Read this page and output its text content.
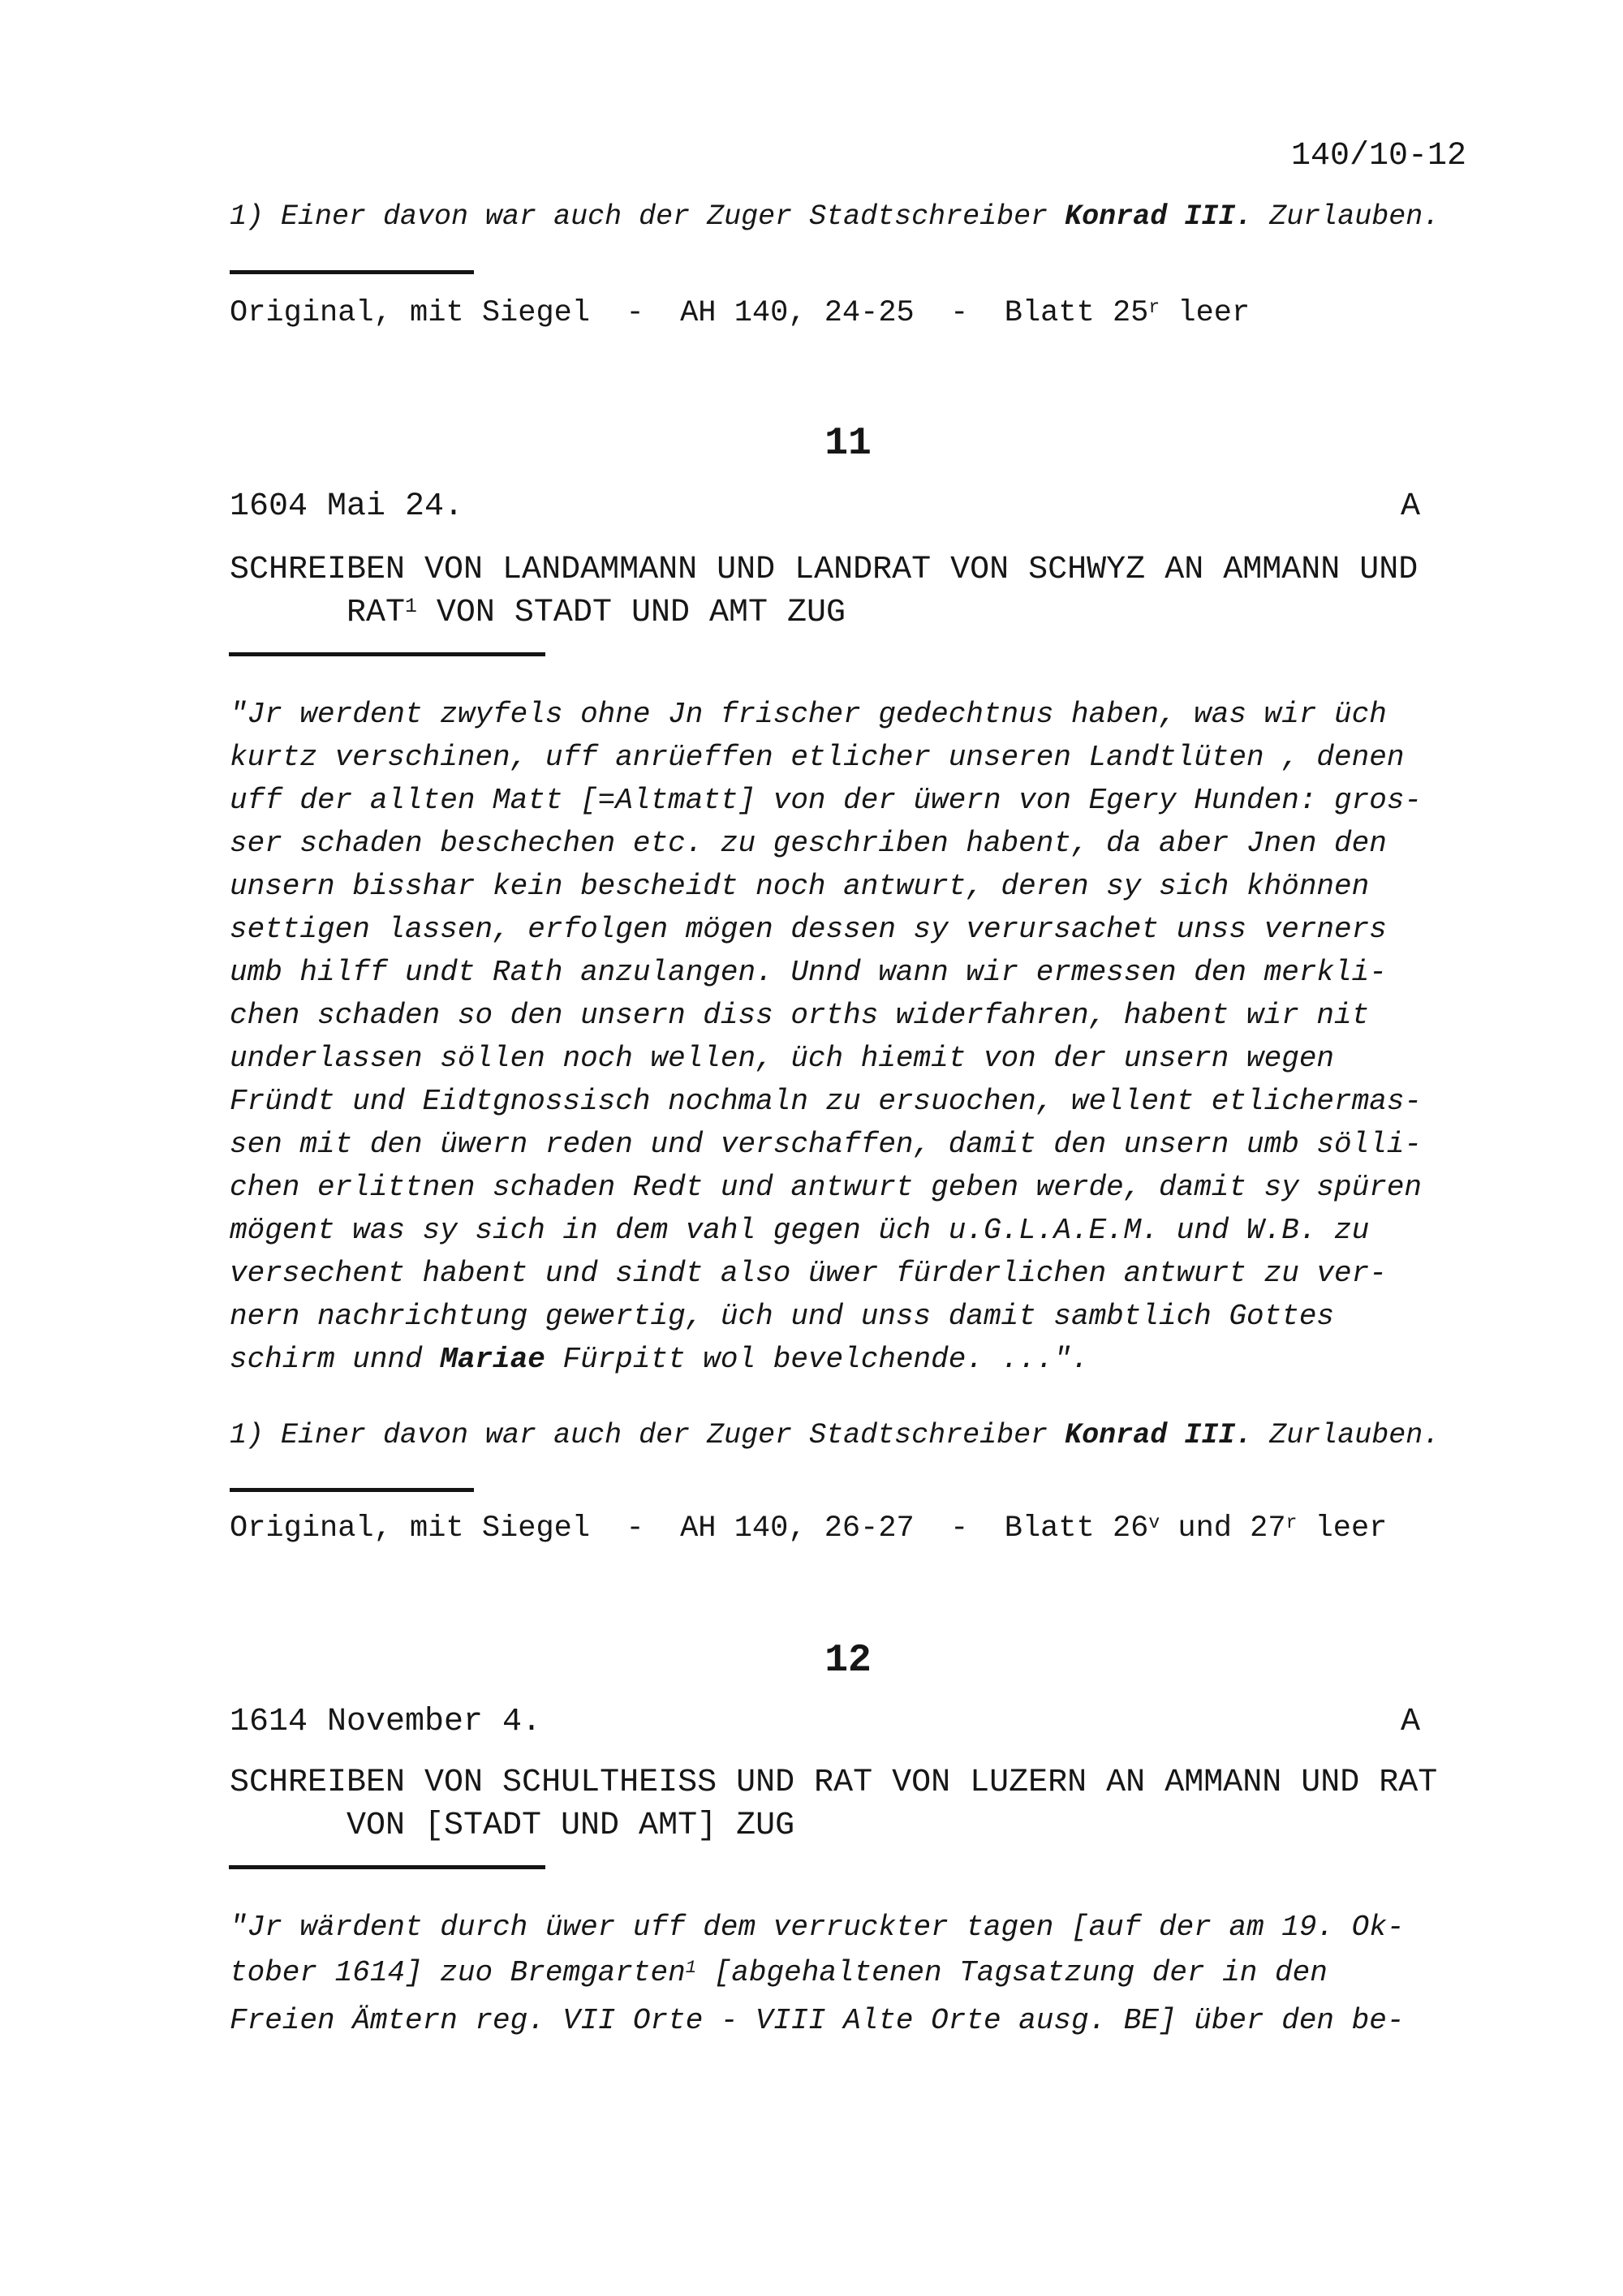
140/10-12
1) Einer davon war auch der Zuger Stadtschreiber Konrad III. Zurlauben.
Original, mit Siegel  -  AH 140, 24-25  -  Blatt 25$^r$ leer
11
1604 Mai 24.	A
SCHREIBEN VON LANDAMMANN UND LANDRAT VON SCHWYZ AN AMMANN UND
RAT$^1$ VON STADT UND AMT ZUG
"Jr werdent zwyfels ohne Jn frischer gedechtnus haben, was wir üch
kurtz verschinen, uff anrüeffen etlicher unseren Landtlüten , denen
uff der allten Matt [=Altmatt] von der üwern von Egery Hunden: gros-
ser schaden beschechen etc. zu geschriben habent, da aber Jnen den
unsern bisshar kein bescheidt noch antwurt, deren sy sich khönnen
settigen lassen, erfolgen mögen dessen sy verursachet unss verners
umb hilff undt Rath anzulangen. Unnd wann wir ermessen den merkli-
chen schaden so den unsern diss orths widerfahren, habent wir nit
underlassen söllen noch wellen, üch hiemit von der unsern wegen
Fründt und Eidtgnossisch nochmaln zu ersuochen, wellent etlichermas-
sen mit den üwern reden und verschaffen, damit den unsern umb sölli-
chen erlittnen schaden Redt und antwurt geben werde, damit sy spüren
mögent was sy sich in dem vahl gegen üch u.G.L.A.E.M. und W.B. zu
versechent habent und sindt also üwer fürderlichen antwurt zu ver-
nern nachrichtung gewertig, üch und unss damit sambtlich Gottes
schirm unnd Mariae Fürpitt wol bevelchende. ...".
1) Einer davon war auch der Zuger Stadtschreiber Konrad III. Zurlauben.
Original, mit Siegel  -  AH 140, 26-27  -  Blatt 26$^v$ und 27$^r$ leer
12
1614 November 4.	A
SCHREIBEN VON SCHULTHEISS UND RAT VON LUZERN AN AMMANN UND RAT
VON [STADT UND AMT] ZUG
"Jr wärdent durch üwer uff dem verruckter tagen [auf der am 19. Ok-
tober 1614] zuo Bremgarten$^1$ [abgehaltenen Tagsatzung der in den
Freien Ämtern reg. VII Orte - VIII Alte Orte ausg. BE] über den be-
